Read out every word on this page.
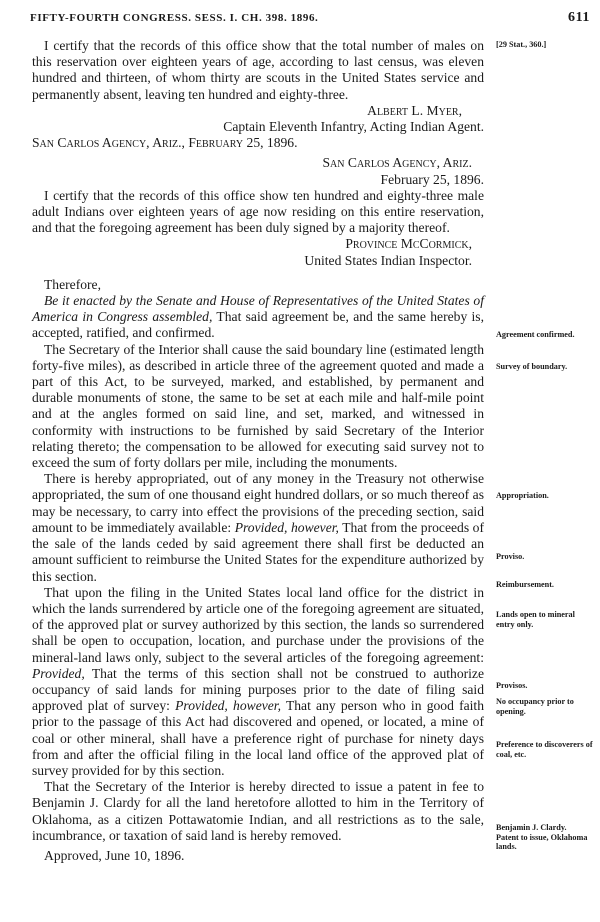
FIFTY-FOURTH CONGRESS. SESS. I. CH. 398. 1896.	611

I certify that the records of this office show that the total number of males on this reservation over eighteen years of age, according to last census, was eleven hundred and thirteen, of whom thirty are scouts in the United States service and permanently absent, leaving ten hundred and eighty-three.

Albert L. Myer,

Captain Eleventh Infantry, Acting Indian Agent.

San Carlos Agency, Ariz., February 25, 1896.

San Carlos Agency, Ariz.

February 25, 1896.

I certify that the records of this office show ten hundred and eighty-three male adult Indians over eighteen years of age now residing on this entire reservation, and that the foregoing agreement has been duly signed by a majority thereof.

Province McCormick,

United States Indian Inspector.

Therefore,

Be it enacted by the Senate and House of Representatives of the United States of America in Congress assembled, That said agreement be, and the same hereby is, accepted, ratified, and confirmed.

The Secretary of the Interior shall cause the said boundary line (estimated length forty-five miles), as described in article three of the agreement quoted and made a part of this Act, to be surveyed, marked, and established, by permanent and durable monuments of stone, the same to be set at each mile and half-mile point and at the angles formed on said line, and set, marked, and witnessed in conformity with instructions to be furnished by said Secretary of the Interior relating thereto; the compensation to be allowed for executing said survey not to exceed the sum of forty dollars per mile, including the monuments.

There is hereby appropriated, out of any money in the Treasury not otherwise appropriated, the sum of one thousand eight hundred dollars, or so much thereof as may be necessary, to carry into effect the provisions of the preceding section, said amount to be immediately available: Provided, however, That from the proceeds of the sale of the lands ceded by said agreement there shall first be deducted an amount sufficient to reimburse the United States for the expenditure authorized by this section.

That upon the filing in the United States local land office for the district in which the lands surrendered by article one of the foregoing agreement are situated, of the approved plat or survey authorized by this section, the lands so surrendered shall be open to occupation, location, and purchase under the provisions of the mineral-land laws only, subject to the several articles of the foregoing agreement: Provided, That the terms of this section shall not be construed to authorize occupancy of said lands for mining purposes prior to the date of filing said approved plat of survey: Provided, however, That any person who in good faith prior to the passage of this Act had discovered and opened, or located, a mine of coal or other mineral, shall have a preference right of purchase for ninety days from and after the official filing in the local land office of the approved plat of survey provided for by this section.

That the Secretary of the Interior is hereby directed to issue a patent in fee to Benjamin J. Clardy for all the land heretofore allotted to him in the Territory of Oklahoma, as a citizen Pottawatomie Indian, and all restrictions as to the sale, incumbrance, or taxation of said land is hereby removed.

Approved, June 10, 1896.

[29 Stat., 360.]
Agreement confirmed.
Survey of boundary.
Appropriation.
Proviso.
Reimbursement.
Lands open to mineral entry only.
Provisos.
No occupancy prior to opening.
Preference to discoverers of coal, etc.
Benjamin J. Clardy.
Patent to issue, Oklahoma lands.
